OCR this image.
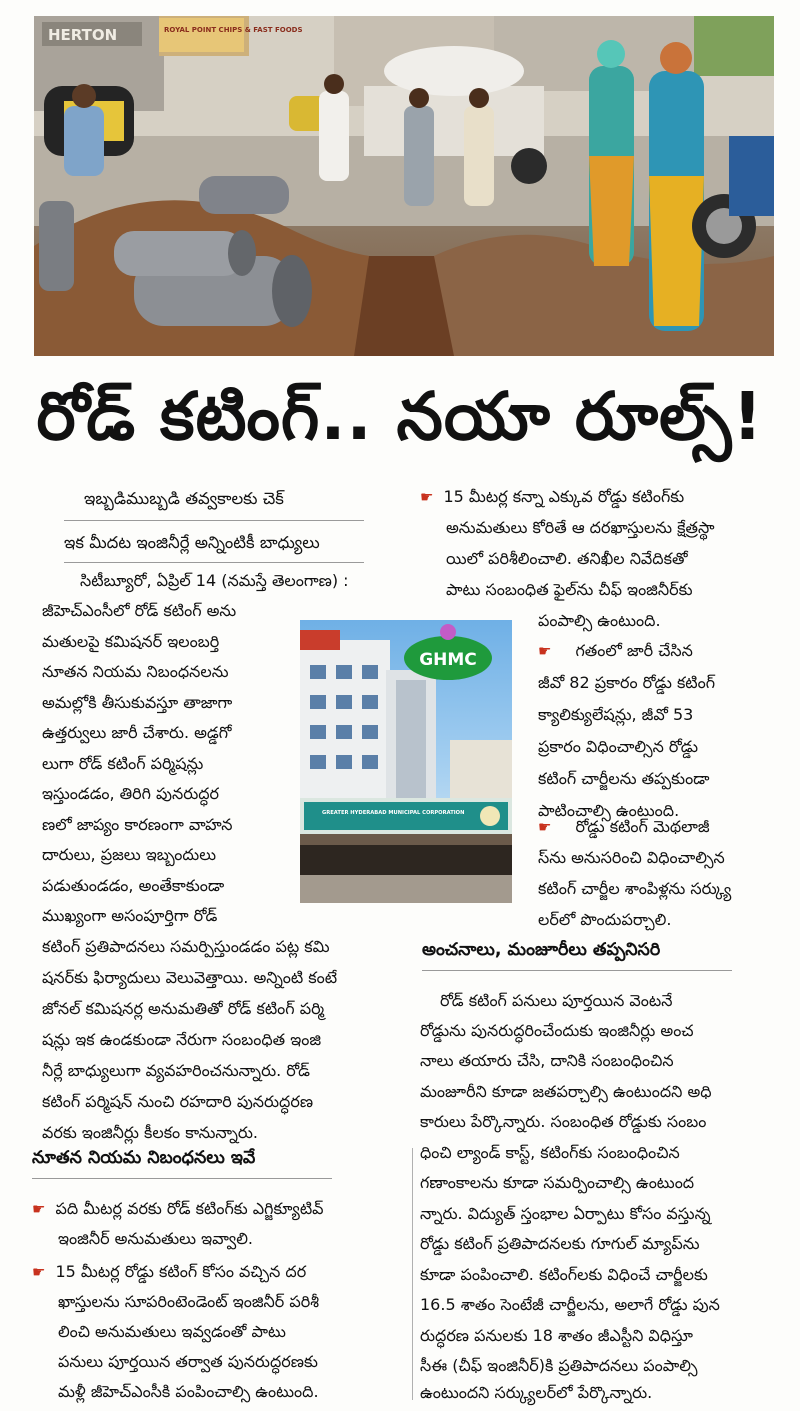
HERTON	ROYAL POINT CHIPS & FAST FOODS
రోడ్ కటింగ్.. నయా రూల్స్!
ఇబ్బడిముబ్బడి తవ్వకాలకు చెక్
ఇక మీదట ఇంజినీర్లే అన్నింటికీ బాధ్యులు
సిటీబ్యూరో, ఏప్రిల్ 14 (నమస్తే తెలంగాణ) :
జీహెచ్ఎంసీలో రోడ్ కటింగ్ అను
మతులపై కమిషనర్ ఇలంబర్తి
నూతన నియమ నిబంధనలను
అమల్లోకి తీసుకువస్తూ తాజాగా
ఉత్తర్వులు జారీ చేశారు. అడ్డగో
లుగా రోడ్ కటింగ్ పర్మిషన్లు
ఇస్తుండడం, తిరిగి పునరుద్ధర
ణలో జాప్యం కారణంగా వాహన
దారులు, ప్రజలు ఇబ్బందులు
పడుతుండడం, అంతేకాకుండా
ముఖ్యంగా అసంపూర్తిగా రోడ్
కటింగ్ ప్రతిపాదనలు సమర్పిస్తుండడం పట్ల కమి
షనర్‌కు ఫిర్యాదులు వెలువెత్తాయి. అన్నింటి కంటే
జోనల్ కమిషనర్ల అనుమతితో రోడ్ కటింగ్ పర్మి
షన్లు ఇక ఉండకుండా నేరుగా సంబంధిత ఇంజి
నీర్లే బాధ్యులుగా వ్యవహరించనున్నారు. రోడ్
కటింగ్ పర్మిషన్ నుంచి రహదారి పునరుద్ధరణ
వరకు ఇంజినీర్లు కీలకం కానున్నారు.
నూతన నియమ నిబంధనలు ఇవే
☛ పది మీటర్ల వరకు రోడ్ కటింగ్‌కు ఎగ్జిక్యూటివ్
ఇంజినీర్ అనుమతులు ఇవ్వాలి.
☛ 15 మీటర్ల రోడ్డు కటింగ్ కోసం వచ్చిన దర
ఖాస్తులను సూపరింటెండెంట్ ఇంజినీర్ పరిశీ
లించి అనుమతులు ఇవ్వడంతో పాటు
పనులు పూర్తయిన తర్వాత పునరుద్ధరణకు
మళ్లీ జీహెచ్ఎంసీకి పంపించాల్సి ఉంటుంది.
GREATER HYDERABAD MUNICIPAL CORPORATION
GHMC
☛ 15 మీటర్ల కన్నా ఎక్కువ రోడ్డు కటింగ్‌కు
అనుమతులు కోరితే ఆ దరఖాస్తులను క్షేత్రస్థా
యిలో పరిశీలించాలి. తనిఖీల నివేదికతో
పాటు సంబంధిత ఫైల్‌ను చీఫ్ ఇంజినీర్‌కు
పంపాల్సి ఉంటుంది.
☛ గతంలో జారీ చేసిన
జీవో 82 ప్రకారం రోడ్డు కటింగ్
క్యాలిక్యులేషన్లు, జీవో 53
ప్రకారం విధించాల్సిన రోడ్డు
కటింగ్ చార్జీలను తప్పకుండా
పాటించాల్సి ఉంటుంది.
☛ రోడ్డు కటింగ్ మెథలాజీ
స్‌ను అనుసరించి విధించాల్సిన
కటింగ్ చార్జీల శాంపిళ్లను సర్క్యు
లర్‌లో పొందుపర్చాలి.
అంచనాలు, మంజూరీలు తప్పనిసరి
రోడ్ కటింగ్ పనులు పూర్తయిన వెంటనే
రోడ్డును పునరుద్ధరించేందుకు ఇంజినీర్లు అంచ
నాలు తయారు చేసి, దానికి సంబంధించిన
మంజూరీని కూడా జతపర్చాల్సి ఉంటుందని అధి
కారులు పేర్కొన్నారు. సంబంధిత రోడ్డుకు సంబం
ధించి ల్యాండ్ కాస్ట్, కటింగ్‌కు సంబంధించిన
గణాంకాలను కూడా సమర్పించాల్సి ఉంటుంద
న్నారు. విద్యుత్ స్తంభాల ఏర్పాటు కోసం వస్తున్న
రోడ్డు కటింగ్ ప్రతిపాదనలకు గూగుల్ మ్యాప్‌ను
కూడా పంపించాలి. కటింగ్‌లకు విధించే చార్జీలకు
16.5 శాతం సెంటేజీ చార్జీలను, అలాగే రోడ్డు పున
రుద్ధరణ పనులకు 18 శాతం జీఎస్టీని విధిస్తూ
సీఈ (చీఫ్ ఇంజినీర్)కి ప్రతిపాదనలు పంపాల్సి
ఉంటుందని సర్క్యులర్‌లో పేర్కొన్నారు.
